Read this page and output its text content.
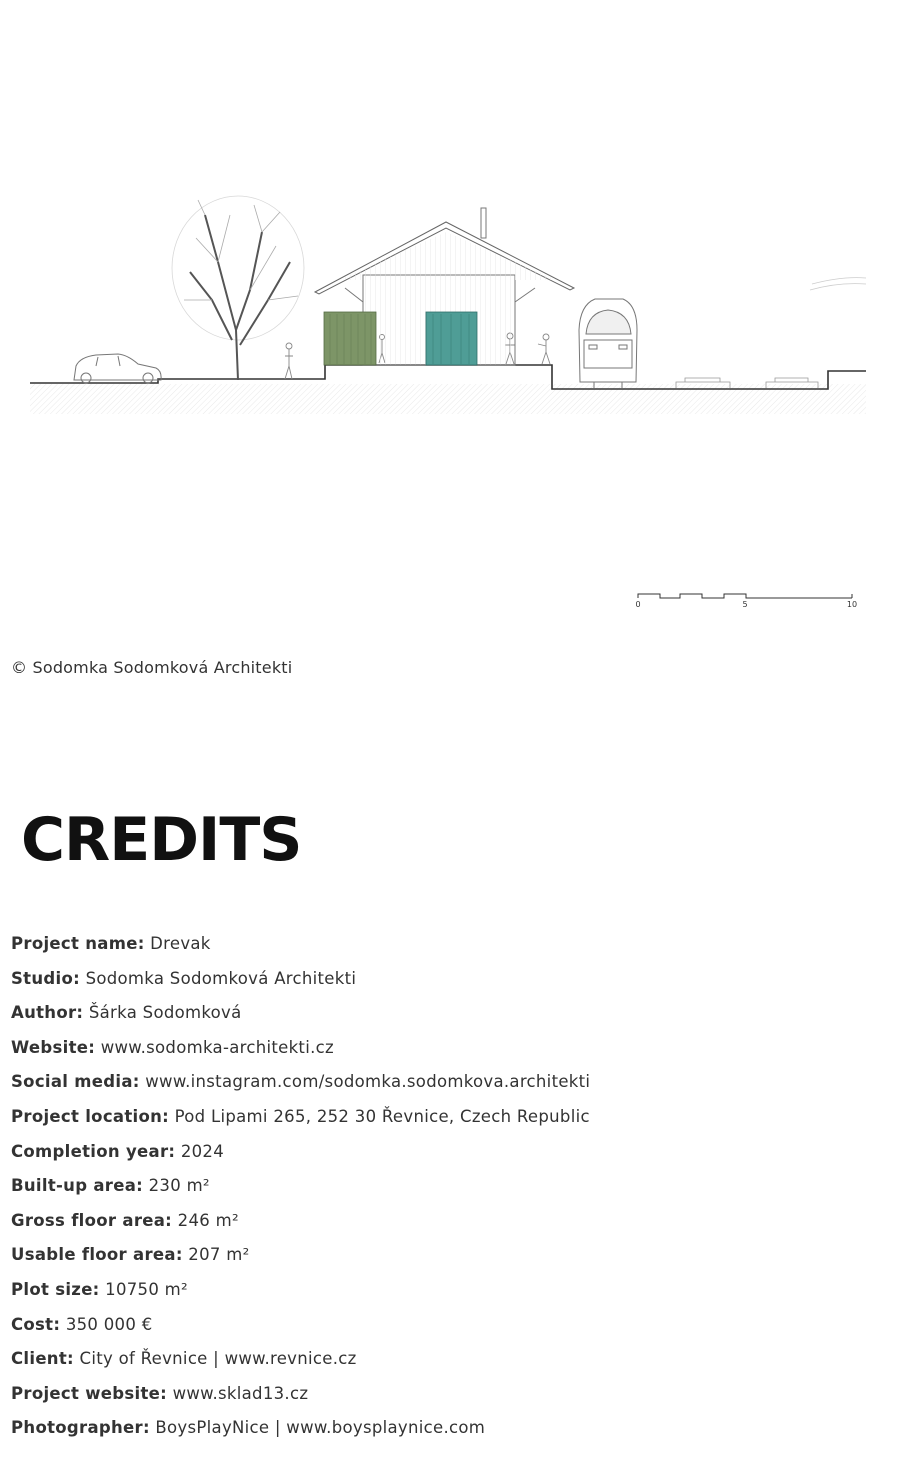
0	5	10
© Sodomka Sodomková Architekti
CREDITS
Project name: Drevak
Studio: Sodomka Sodomková Architekti
Author: Šárka Sodomková
Website: www.sodomka-architekti.cz
Social media: www.instagram.com/sodomka.sodomkova.architekti
Project location: Pod Lipami 265, 252 30 Řevnice, Czech Republic
Completion year: 2024
Built-up area: 230 m²
Gross floor area: 246 m²
Usable floor area: 207 m²
Plot size: 10750 m²
Cost: 350 000 €
Client: City of Řevnice | www.revnice.cz
Project website: www.sklad13.cz
Photographer: BoysPlayNice | www.boysplaynice.com
